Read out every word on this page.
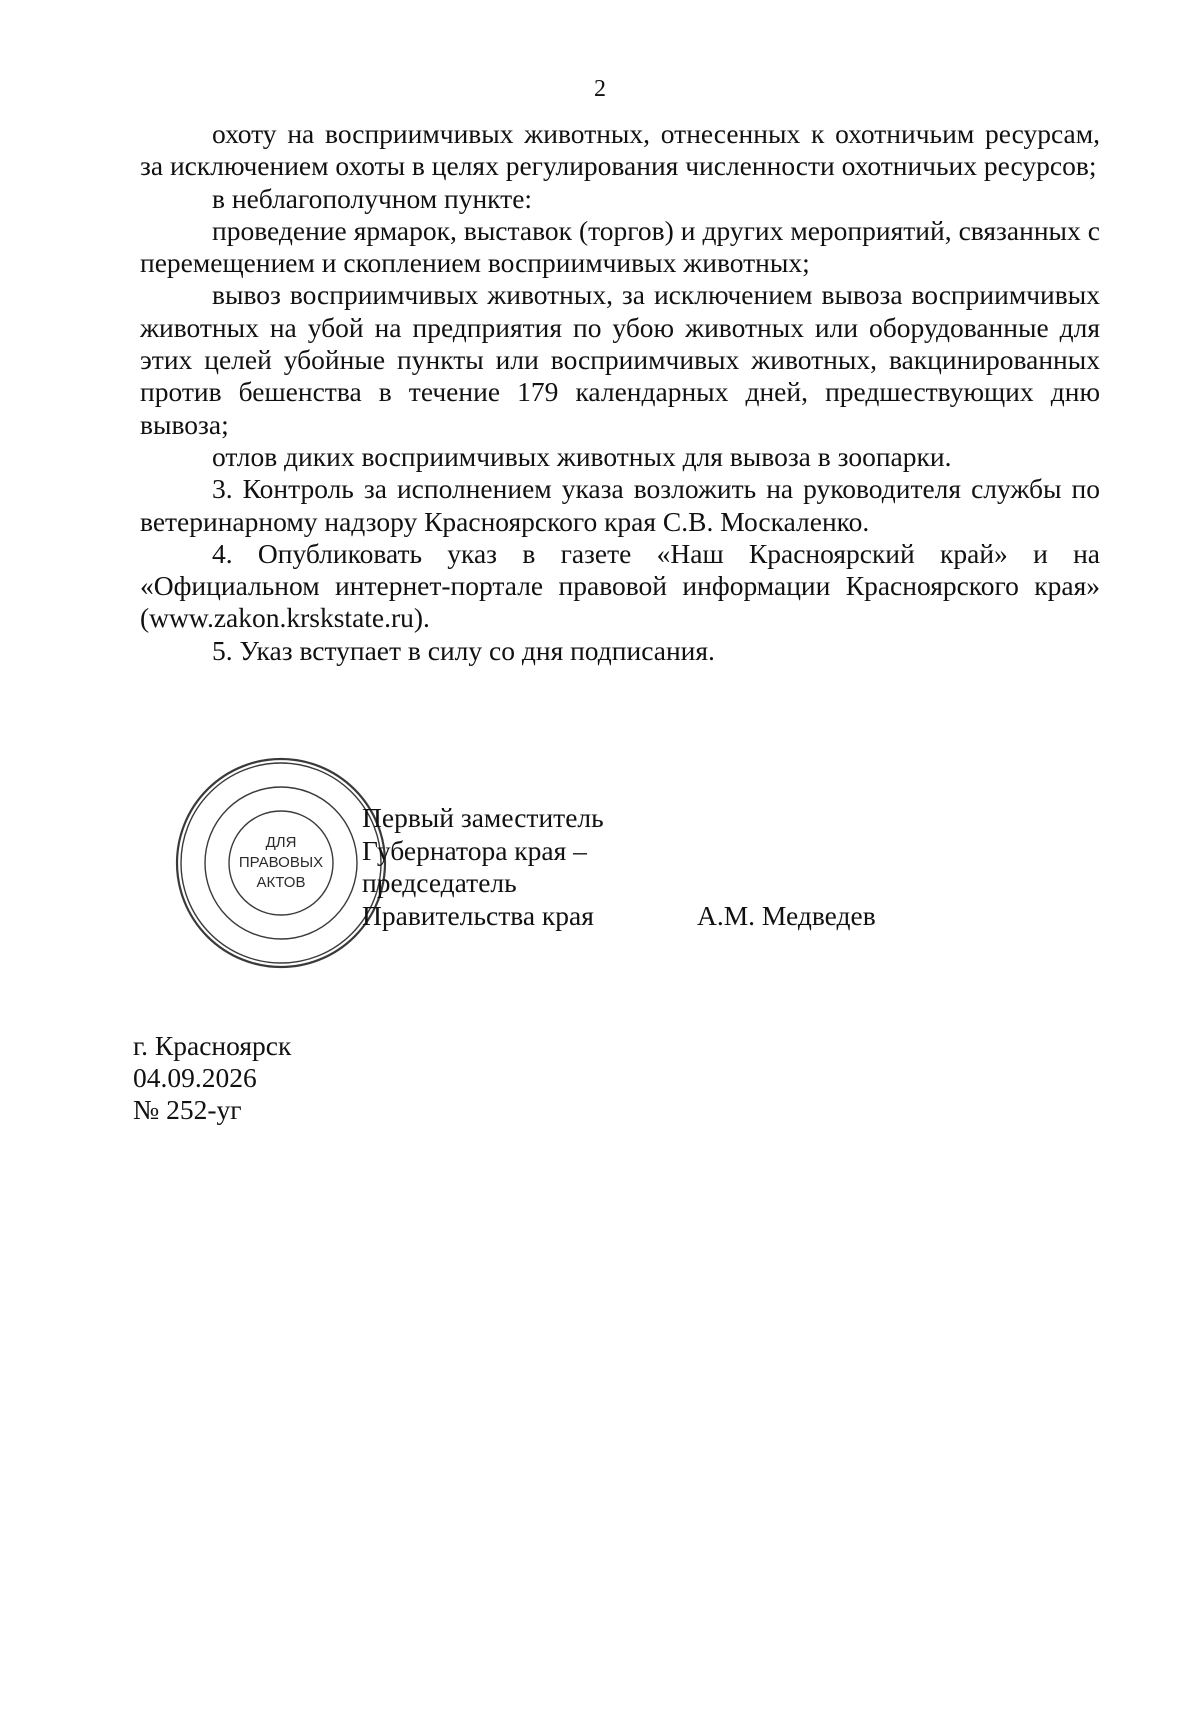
2

охоту на восприимчивых животных, отнесенных к охотничьим ресурсам, за исключением охоты в целях регулирования численности охотничьих ресурсов;

в неблагополучном пункте:

проведение ярмарок, выставок (торгов) и других мероприятий, связанных с перемещением и скоплением восприимчивых животных;

вывоз восприимчивых животных, за исключением вывоза восприимчивых животных на убой на предприятия по убою животных или оборудованные для этих целей убойные пункты или восприимчивых животных, вакцинированных против бешенства в течение 179 календарных дней, предшествующих дню вывоза;

отлов диких восприимчивых животных для вывоза в зоопарки.

3. Контроль за исполнением указа возложить на руководителя службы по ветеринарному надзору Красноярского края С.В. Москаленко.

4. Опубликовать указ в газете «Наш Красноярский край» и на «Официальном интернет-портале правовой информации Красноярского края» (www.zakon.krskstate.ru).

5. Указ вступает в силу со дня подписания.

ДЛЯ
ПРАВОВЫХ
АКТОВ
Первый заместитель
Губернатора края –
председатель
Правительства края	А.М. Медведев
г. Красноярск
04.09.2026
№ 252-уг
